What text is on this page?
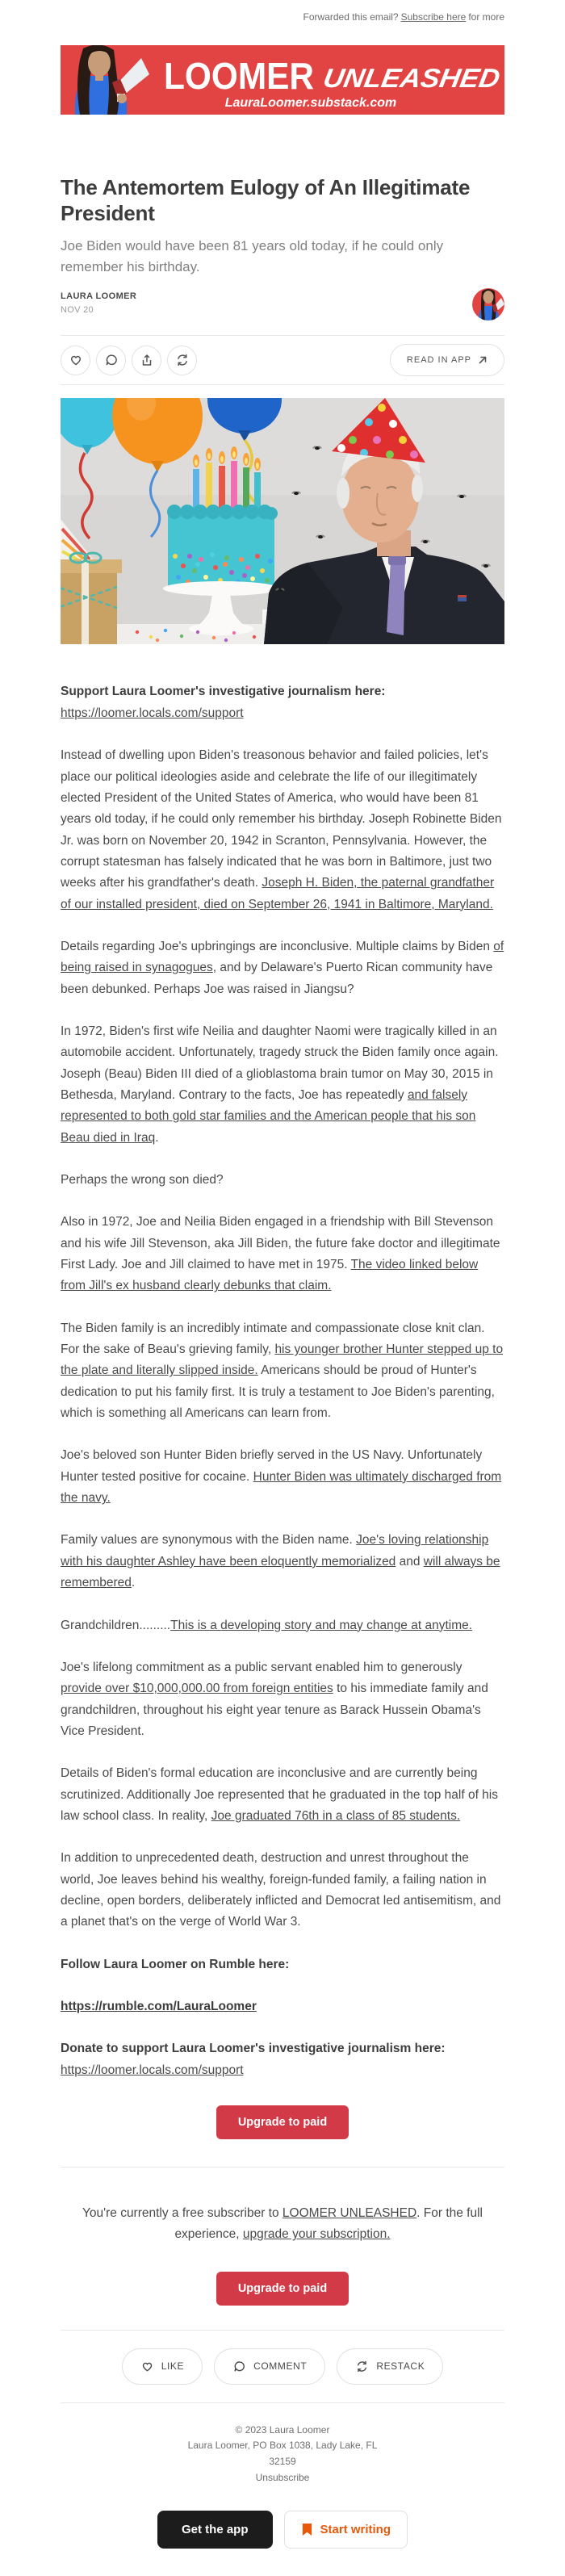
Forwarded this email? Subscribe here for more
LOOMER UNLEASHED
LauraLoomer.substack.com
The Antemortem Eulogy of An Illegitimate President
Joe Biden would have been 81 years old today, if he could only remember his birthday.
LAURA LOOMER
NOV 20
READ IN APP

Support Laura Loomer's investigative journalism here:
https://loomer.locals.com/support

Instead of dwelling upon Biden's treasonous behavior and failed policies, let's place our political ideologies aside and celebrate the life of our illegitimately elected President of the United States of America, who would have been 81 years old today, if he could only remember his birthday. Joseph Robinette Biden Jr. was born on November 20, 1942 in Scranton, Pennsylvania. However, the corrupt statesman has falsely indicated that he was born in Baltimore, just two weeks after his grandfather's death. Joseph H. Biden, the paternal grandfather of our installed president, died on September 26, 1941 in Baltimore, Maryland.

Details regarding Joe's upbringings are inconclusive. Multiple claims by Biden of being raised in synagogues, and by Delaware's Puerto Rican community have been debunked. Perhaps Joe was raised in Jiangsu?

In 1972, Biden's first wife Neilia and daughter Naomi were tragically killed in an automobile accident. Unfortunately, tragedy struck the Biden family once again. Joseph (Beau) Biden III died of a glioblastoma brain tumor on May 30, 2015 in Bethesda, Maryland. Contrary to the facts, Joe has repeatedly and falsely represented to both gold star families and the American people that his son Beau died in Iraq.

Perhaps the wrong son died?

Also in 1972, Joe and Neilia Biden engaged in a friendship with Bill Stevenson and his wife Jill Stevenson, aka Jill Biden, the future fake doctor and illegitimate First Lady. Joe and Jill claimed to have met in 1975. The video linked below from Jill's ex husband clearly debunks that claim.

The Biden family is an incredibly intimate and compassionate close knit clan. For the sake of Beau's grieving family, his younger brother Hunter stepped up to the plate and literally slipped inside. Americans should be proud of Hunter's dedication to put his family first. It is truly a testament to Joe Biden's parenting, which is something all Americans can learn from.

Joe's beloved son Hunter Biden briefly served in the US Navy. Unfortunately Hunter tested positive for cocaine. Hunter Biden was ultimately discharged from the navy.

Family values are synonymous with the Biden name. Joe's loving relationship with his daughter Ashley have been eloquently memorialized and will always be remembered.

Grandchildren.........This is a developing story and may change at anytime.

Joe's lifelong commitment as a public servant enabled him to generously provide over $10,000,000.00 from foreign entities to his immediate family and grandchildren, throughout his eight year tenure as Barack Hussein Obama's Vice President.

Details of Biden's formal education are inconclusive and are currently being scrutinized. Additionally Joe represented that he graduated in the top half of his law school class. In reality, Joe graduated 76th in a class of 85 students.

In addition to unprecedented death, destruction and unrest throughout the world, Joe leaves behind his wealthy, foreign-funded family, a failing nation in decline, open borders, deliberately inflicted and Democrat led antisemitism, and a planet that's on the verge of World War 3.

Follow Laura Loomer on Rumble here:

https://rumble.com/LauraLoomer

Donate to support Laura Loomer's investigative journalism here:
https://loomer.locals.com/support

Upgrade to paid

You're currently a free subscriber to LOOMER UNLEASHED. For the full experience, upgrade your subscription.

Upgrade to paid
LIKE	COMMENT	RESTACK
© 2023 Laura Loomer
Laura Loomer, PO Box 1038, Lady Lake, FL
32159
Unsubscribe
Get the app	Start writing
